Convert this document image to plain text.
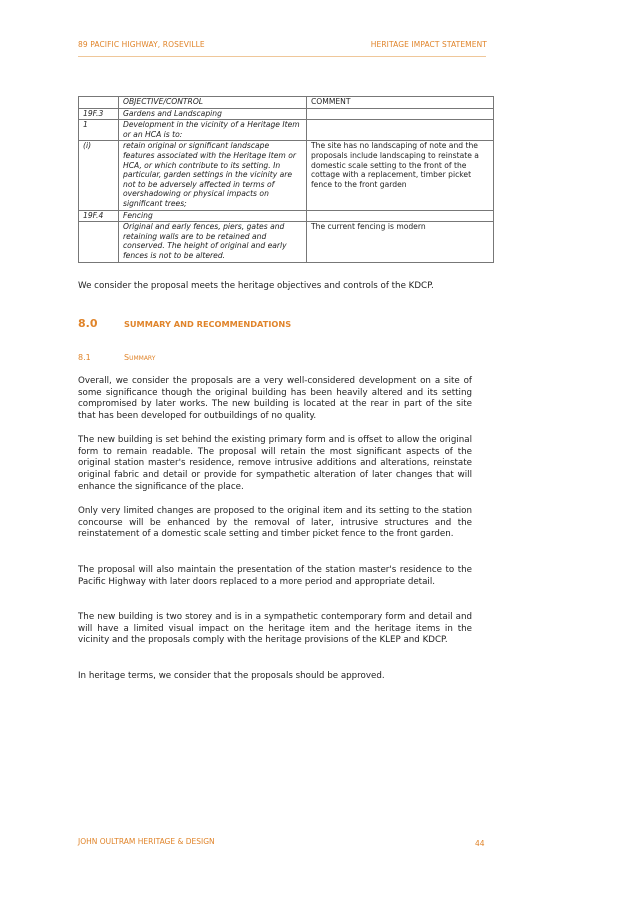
89 PACIFIC HIGHWAY, ROSEVILLE	HERITAGE IMPACT STATEMENT
	OBJECTIVE/CONTROL	COMMENT
19F.3	Gardens and Landscaping	
1	Development in the vicinity of a Heritage Item or an HCA is to:	
(i)	retain original or significant landscape features associated with the Heritage Item or HCA, or which contribute to its setting. In particular, garden settings in the vicinity are not to be adversely affected in terms of overshadowing or physical impacts on significant trees;	The site has no landscaping of note and the proposals include landscaping to reinstate a domestic scale setting to the front of the cottage with a replacement, timber picket fence to the front garden
19F.4	Fencing	
	Original and early fences, piers, gates and retaining walls are to be retained and conserved. The height of original and early fences is not to be altered.	The current fencing is modern

We consider the proposal meets the heritage objectives and controls of the KDCP.

8.0	SUMMARY AND RECOMMENDATIONS
8.1	Summary

Overall, we consider the proposals are a very well-considered development on a site of some significance though the original building has been heavily altered and its setting compromised by later works. The new building is located at the rear in part of the site that has been developed for outbuildings of no quality.

The new building is set behind the existing primary form and is offset to allow the original form to remain readable. The proposal will retain the most significant aspects of the original station master's residence, remove intrusive additions and alterations, reinstate original fabric and detail or provide for sympathetic alteration of later changes that will enhance the significance of the place.

Only very limited changes are proposed to the original item and its setting to the station concourse will be enhanced by the removal of later, intrusive structures and the reinstatement of a domestic scale setting and timber picket fence to the front garden.

The proposal will also maintain the presentation of the station master's residence to the Pacific Highway with later doors replaced to a more period and appropriate detail.

The new building is two storey and is in a sympathetic contemporary form and detail and will have a limited visual impact on the heritage item and the heritage items in the vicinity and the proposals comply with the heritage provisions of the KLEP and KDCP.

In heritage terms, we consider that the proposals should be approved.

JOHN OULTRAM HERITAGE & DESIGN	44
